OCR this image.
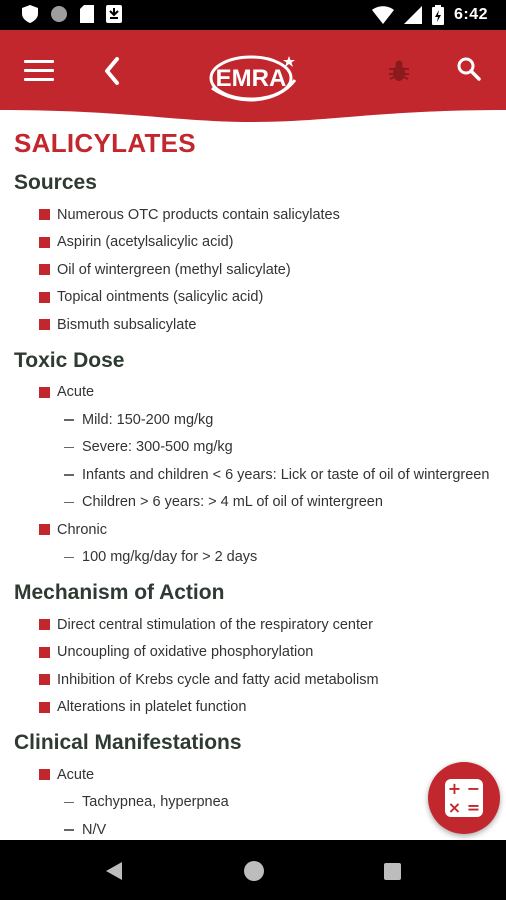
6:42
EMRA
SALICYLATES
Sources
Numerous OTC products contain salicylates
Aspirin (acetylsalicylic acid)
Oil of wintergreen (methyl salicylate)
Topical ointments (salicylic acid)
Bismuth subsalicylate
Toxic Dose
Acute
Mild: 150-200 mg/kg
Severe: 300-500 mg/kg
Infants and children < 6 years: Lick or taste of oil of wintergreen
Children > 6 years: > 4 mL of oil of wintergreen
Chronic
100 mg/kg/day for > 2 days
Mechanism of Action
Direct central stimulation of the respiratory center
Uncoupling of oxidative phosphorylation
Inhibition of Krebs cycle and fatty acid metabolism
Alterations in platelet function
Clinical Manifestations
Acute
Tachypnea, hyperpnea
N/V
+ −
× =
